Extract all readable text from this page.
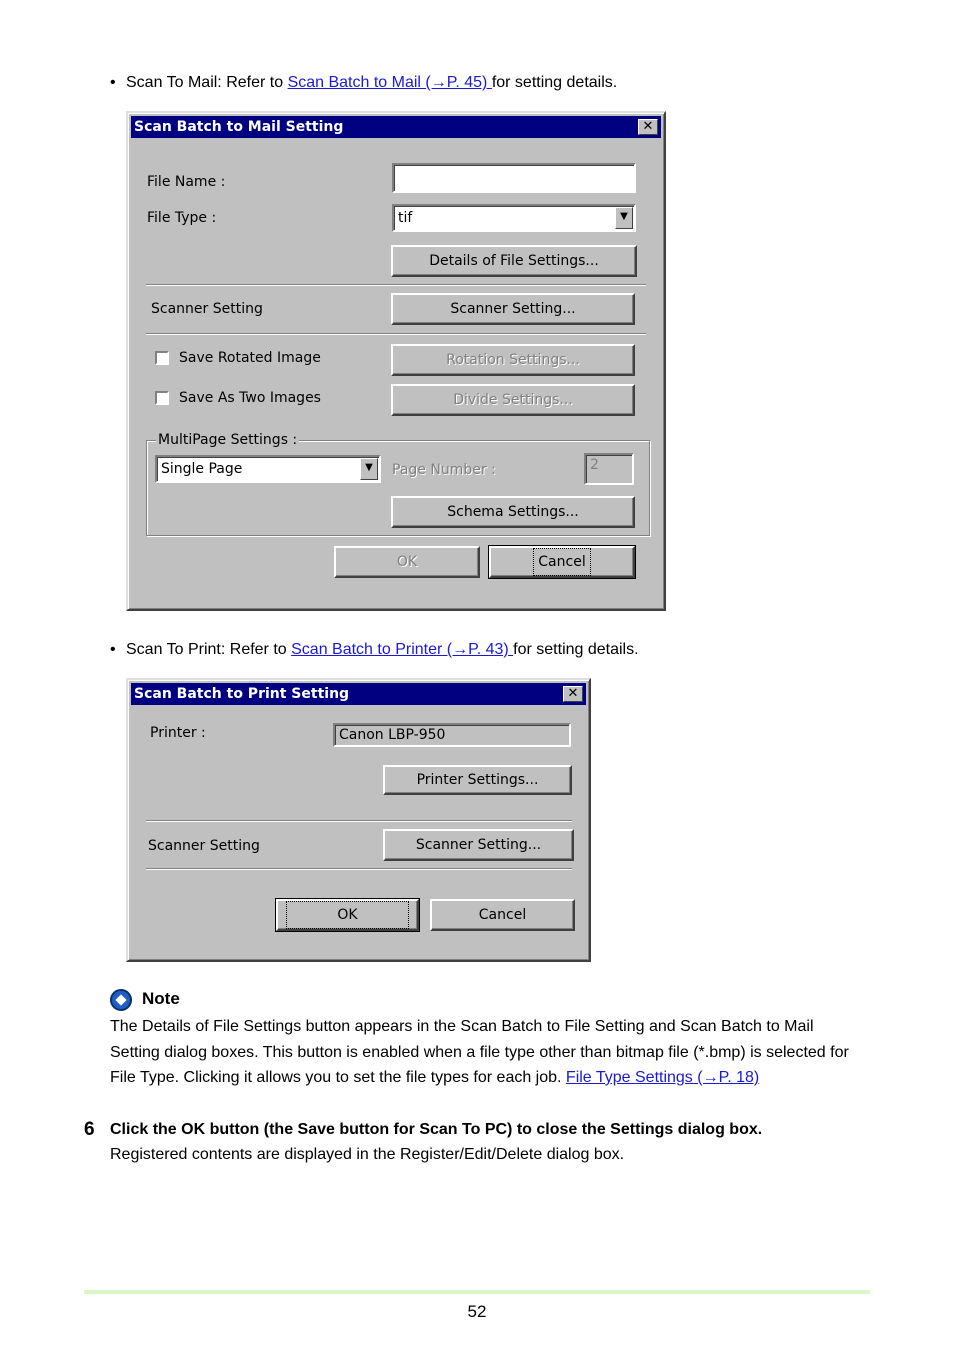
• Scan To Mail: Refer to Scan Batch to Mail (→P. 45) for setting details.
Scan Batch to Mail Setting	✕
File Name :
File Type :	tif	▼
Details of File Settings...
Scanner Setting	Scanner Setting...
Save Rotated Image	Rotation Settings...
Save As Two Images	Divide Settings...
MultiPage Settings :
Single Page	▼	Page Number :	2
Schema Settings...
OK	Cancel
• Scan To Print: Refer to Scan Batch to Printer (→P. 43) for setting details.
Scan Batch to Print Setting	✕
Printer :	Canon LBP-950
Printer Settings...
Scanner Setting	Scanner Setting...
OK	Cancel
Note
The Details of File Settings button appears in the Scan Batch to File Setting and Scan Batch to Mail
Setting dialog boxes. This button is enabled when a file type other than bitmap file (*.bmp) is selected for
File Type. Clicking it allows you to set the file types for each job. File Type Settings (→P. 18)
6 Click the OK button (the Save button for Scan To PC) to close the Settings dialog box.
Registered contents are displayed in the Register/Edit/Delete dialog box.
52
